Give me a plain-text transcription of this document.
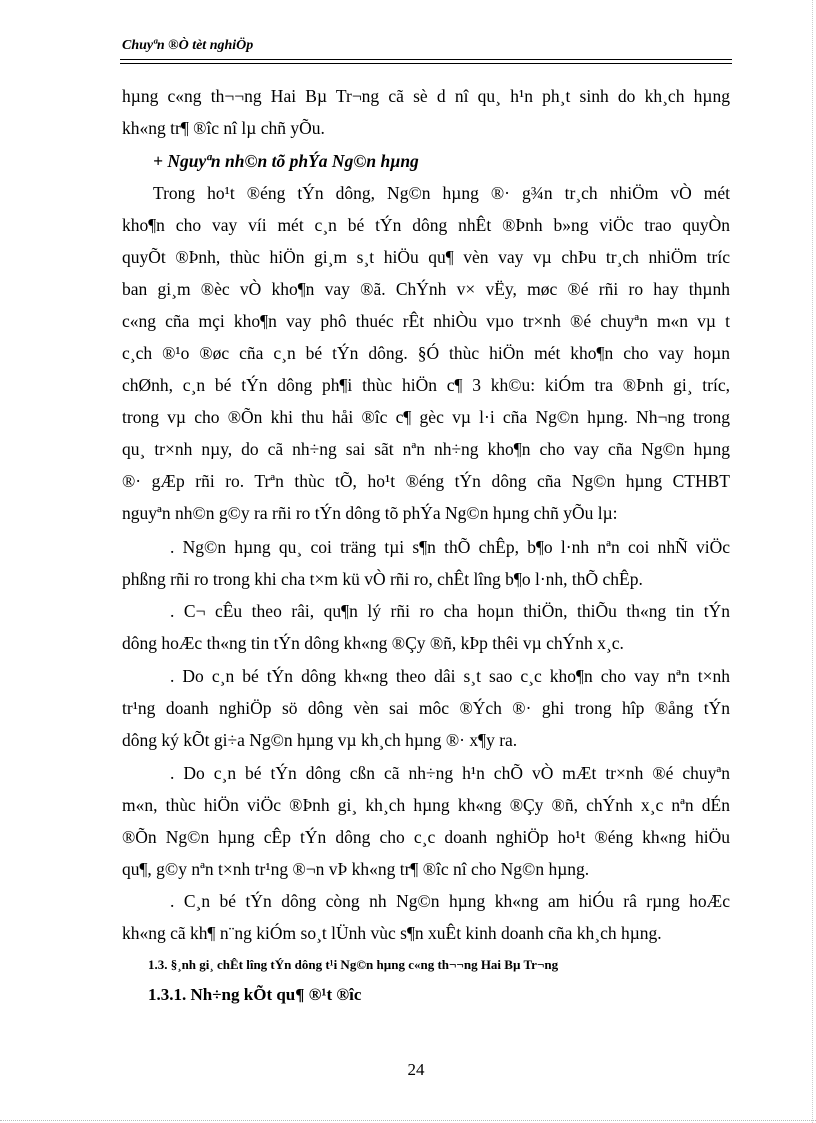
Chuyªn ®Ò tèt nghiÖp
hµng c«ng th¬¬ng Hai Bµ Tr¬ng cã sè d nî qu¸ h¹n ph¸t sinh do kh¸ch hµng
kh«ng tr¶ ®îc nî lµ chñ yÕu.
+ Nguyªn nh©n tõ phÝa Ng©n hµng
Trong ho¹t ®éng tÝn dông, Ng©n hµng ®· g¾n tr¸ch nhiÖm vÒ mét
kho¶n cho vay víi mét c¸n bé tÝn dông nhÊt ®Þnh b»ng viÖc trao quyÒn
quyÕt ®Þnh, thùc hiÖn gi¸m s¸t hiÖu qu¶ vèn vay vµ chÞu tr¸ch nhiÖm tríc
ban gi¸m ®èc vÒ kho¶n vay ®ã. ChÝnh v× vËy, møc ®é rñi ro hay thµnh
c«ng cña mçi kho¶n vay phô thuéc rÊt nhiÒu vµo tr×nh ®é chuyªn m«n vµ t
c¸ch ®¹o ®øc cña c¸n bé tÝn dông. §Ó thùc hiÖn mét kho¶n cho vay hoµn
chØnh, c¸n bé tÝn dông ph¶i thùc hiÖn c¶ 3 kh©u: kiÓm tra ®Þnh gi¸ tríc,
trong vµ cho ®Õn khi thu håi ®îc c¶ gèc vµ l·i cña Ng©n hµng. Nh¬ng trong
qu¸ tr×nh nµy, do cã nh÷ng sai sãt nªn nh÷ng kho¶n cho vay cña Ng©n hµng
®· gÆp rñi ro. Trªn thùc tÕ, ho¹t ®éng tÝn dông cña Ng©n hµng CTHBT
nguyªn nh©n g©y ra rñi ro tÝn dông tõ phÝa Ng©n hµng chñ yÕu lµ:
. Ng©n hµng qu¸ coi träng tµi s¶n thÕ chÊp, b¶o l·nh nªn coi nhÑ viÖc
phßng rñi ro trong khi cha t×m kü vÒ rñi ro, chÊt lîng b¶o l·nh, thÕ chÊp.
. C¬ cÊu theo râi, qu¶n lý rñi ro cha hoµn thiÖn, thiÕu th«ng tin tÝn
dông hoÆc th«ng tin tÝn dông kh«ng ®Çy ®ñ, kÞp thêi vµ chÝnh x¸c.
. Do c¸n bé tÝn dông kh«ng theo dâi s¸t sao c¸c kho¶n cho vay nªn t×nh
tr¹ng doanh nghiÖp sö dông vèn sai môc ®Ých ®· ghi trong hîp ®ång tÝn
dông ký kÕt gi÷a Ng©n hµng vµ kh¸ch hµng ®· x¶y ra.
. Do c¸n bé tÝn dông cßn cã nh÷ng h¹n chÕ vÒ mÆt tr×nh ®é chuyªn
m«n, thùc hiÖn viÖc ®Þnh gi¸ kh¸ch hµng kh«ng ®Çy ®ñ, chÝnh x¸c nªn dÉn
®Õn Ng©n hµng cÊp tÝn dông cho c¸c doanh nghiÖp ho¹t ®éng kh«ng hiÖu
qu¶, g©y nªn t×nh tr¹ng ®¬n vÞ kh«ng tr¶ ®îc nî cho Ng©n hµng.
. C¸n bé tÝn dông còng nh Ng©n hµng kh«ng am hiÓu râ rµng hoÆc
kh«ng cã kh¶ n¨ng kiÓm so¸t lÜnh vùc s¶n xuÊt kinh doanh cña kh¸ch hµng.
1.3. §¸nh gi¸ chÊt lîng tÝn dông t¹i Ng©n hµng c«ng th¬¬ng Hai Bµ Tr¬ng
1.3.1. Nh÷ng kÕt qu¶ ®¹t ®îc
24
